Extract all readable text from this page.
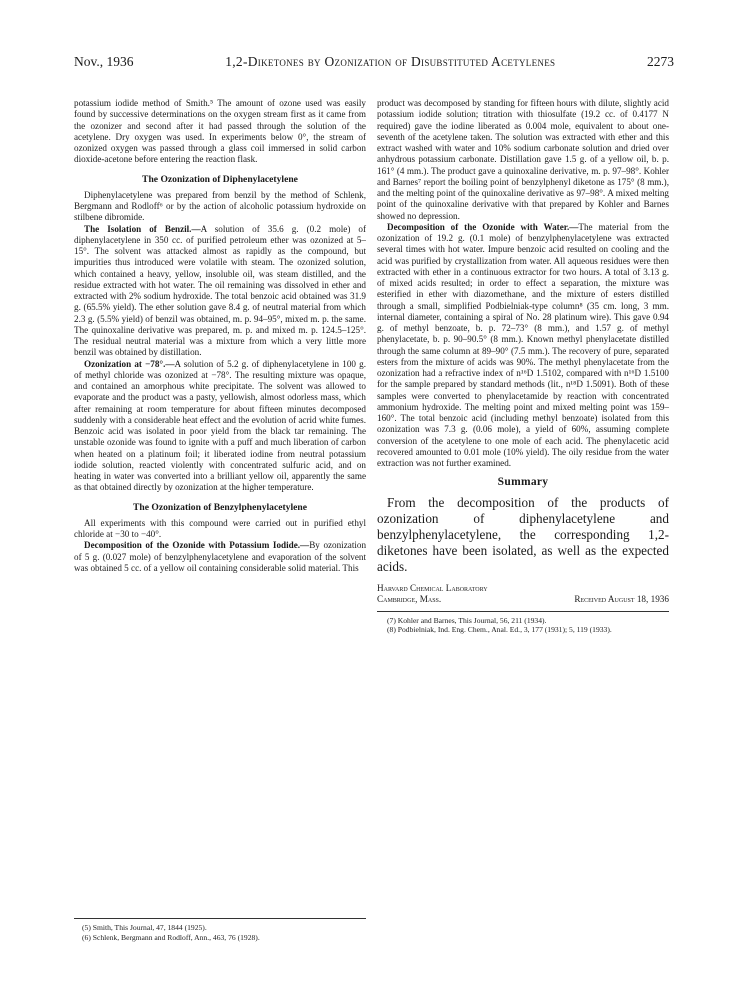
Nov., 1936	1,2-Diketones by Ozonization of Disubstituted Acetylenes	2273

potassium iodide method of Smith.⁵ The amount of ozone used was easily found by successive determinations on the oxygen stream first as it came from the ozonizer and second after it had passed through the solution of the acetylene. Dry oxygen was used. In experiments below 0°, the stream of ozonized oxygen was passed through a glass coil immersed in solid carbon dioxide-acetone before entering the reaction flask.

The Ozonization of Diphenylacetylene

Diphenylacetylene was prepared from benzil by the method of Schlenk, Bergmann and Rodloff⁶ or by the action of alcoholic potassium hydroxide on stilbene dibromide.

The Isolation of Benzil.—A solution of 35.6 g. (0.2 mole) of diphenylacetylene in 350 cc. of purified petroleum ether was ozonized at 5–15°. The solvent was attacked almost as rapidly as the compound, but impurities thus introduced were volatile with steam. The ozonized solution, which contained a heavy, yellow, insoluble oil, was steam distilled, and the residue extracted with hot water. The oil remaining was dissolved in ether and extracted with 2% sodium hydroxide. The total benzoic acid obtained was 31.9 g. (65.5% yield). The ether solution gave 8.4 g. of neutral material from which 2.3 g. (5.5% yield) of benzil was obtained, m. p. 94–95°, mixed m. p. the same. The quinoxaline derivative was prepared, m. p. and mixed m. p. 124.5–125°. The residual neutral material was a mixture from which a very little more benzil was obtained by distillation.

Ozonization at −78°.—A solution of 5.2 g. of diphenylacetylene in 100 g. of methyl chloride was ozonized at −78°. The resulting mixture was opaque, and contained an amorphous white precipitate. The solvent was allowed to evaporate and the product was a pasty, yellowish, almost odorless mass, which after remaining at room temperature for about fifteen minutes decomposed suddenly with a considerable heat effect and the evolution of acrid white fumes. Benzoic acid was isolated in poor yield from the black tar remaining. The unstable ozonide was found to ignite with a puff and much liberation of carbon when heated on a platinum foil; it liberated iodine from neutral potassium iodide solution, reacted violently with concentrated sulfuric acid, and on heating in water was converted into a brilliant yellow oil, apparently the same as that obtained directly by ozonization at the higher temperature.

The Ozonization of Benzylphenylacetylene

All experiments with this compound were carried out in purified ethyl chloride at −30 to −40°.

Decomposition of the Ozonide with Potassium Iodide.—By ozonization of 5 g. (0.027 mole) of benzylphenylacetylene and evaporation of the solvent was obtained 5 cc. of a yellow oil containing considerable solid material. This

(5) Smith, This Journal, 47, 1844 (1925).

(6) Schlenk, Bergmann and Rodloff, Ann., 463, 76 (1928).

product was decomposed by standing for fifteen hours with dilute, slightly acid potassium iodide solution; titration with thiosulfate (19.2 cc. of 0.4177 N required) gave the iodine liberated as 0.004 mole, equivalent to about one-seventh of the acetylene taken. The solution was extracted with ether and this extract washed with water and 10% sodium carbonate solution and dried over anhydrous potassium carbonate. Distillation gave 1.5 g. of a yellow oil, b. p. 161° (4 mm.). The product gave a quinoxaline derivative, m. p. 97–98°. Kohler and Barnes⁷ report the boiling point of benzylphenyl diketone as 175° (8 mm.), and the melting point of the quinoxaline derivative as 97–98°. A mixed melting point of the quinoxaline derivative with that prepared by Kohler and Barnes showed no depression.

Decomposition of the Ozonide with Water.—The material from the ozonization of 19.2 g. (0.1 mole) of benzylphenylacetylene was extracted several times with hot water. Impure benzoic acid resulted on cooling and the acid was purified by crystallization from water. All aqueous residues were then extracted with ether in a continuous extractor for two hours. A total of 3.13 g. of mixed acids resulted; in order to effect a separation, the mixture was esterified in ether with diazomethane, and the mixture of esters distilled through a small, simplified Podbielniak-type column⁸ (35 cm. long, 3 mm. internal diameter, containing a spiral of No. 28 platinum wire). This gave 0.94 g. of methyl benzoate, b. p. 72–73° (8 mm.), and 1.57 g. of methyl phenylacetate, b. p. 90–90.5° (8 mm.). Known methyl phenylacetate distilled through the same column at 89–90° (7.5 mm.). The recovery of pure, separated esters from the mixture of acids was 90%. The methyl phenylacetate from the ozonization had a refractive index of n¹⁶D 1.5102, compared with n¹⁶D 1.5100 for the sample prepared by standard methods (lit., n¹⁸D 1.5091). Both of these samples were converted to phenylacetamide by reaction with concentrated ammonium hydroxide. The melting point and mixed melting point was 159–160°. The total benzoic acid (including methyl benzoate) isolated from this ozonization was 7.3 g. (0.06 mole), a yield of 60%, assuming complete conversion of the acetylene to one mole of each acid. The phenylacetic acid recovered amounted to 0.01 mole (10% yield). The oily residue from the water extraction was not further examined.

Summary

From the decomposition of the products of ozonization of diphenylacetylene and benzylphenylacetylene, the corresponding 1,2-diketones have been isolated, as well as the expected acids.

Harvard Chemical Laboratory
Cambridge, Mass.	Received August 18, 1936

(7) Kohler and Barnes, This Journal, 56, 211 (1934).

(8) Podbielniak, Ind. Eng. Chem., Anal. Ed., 3, 177 (1931); 5, 119 (1933).
